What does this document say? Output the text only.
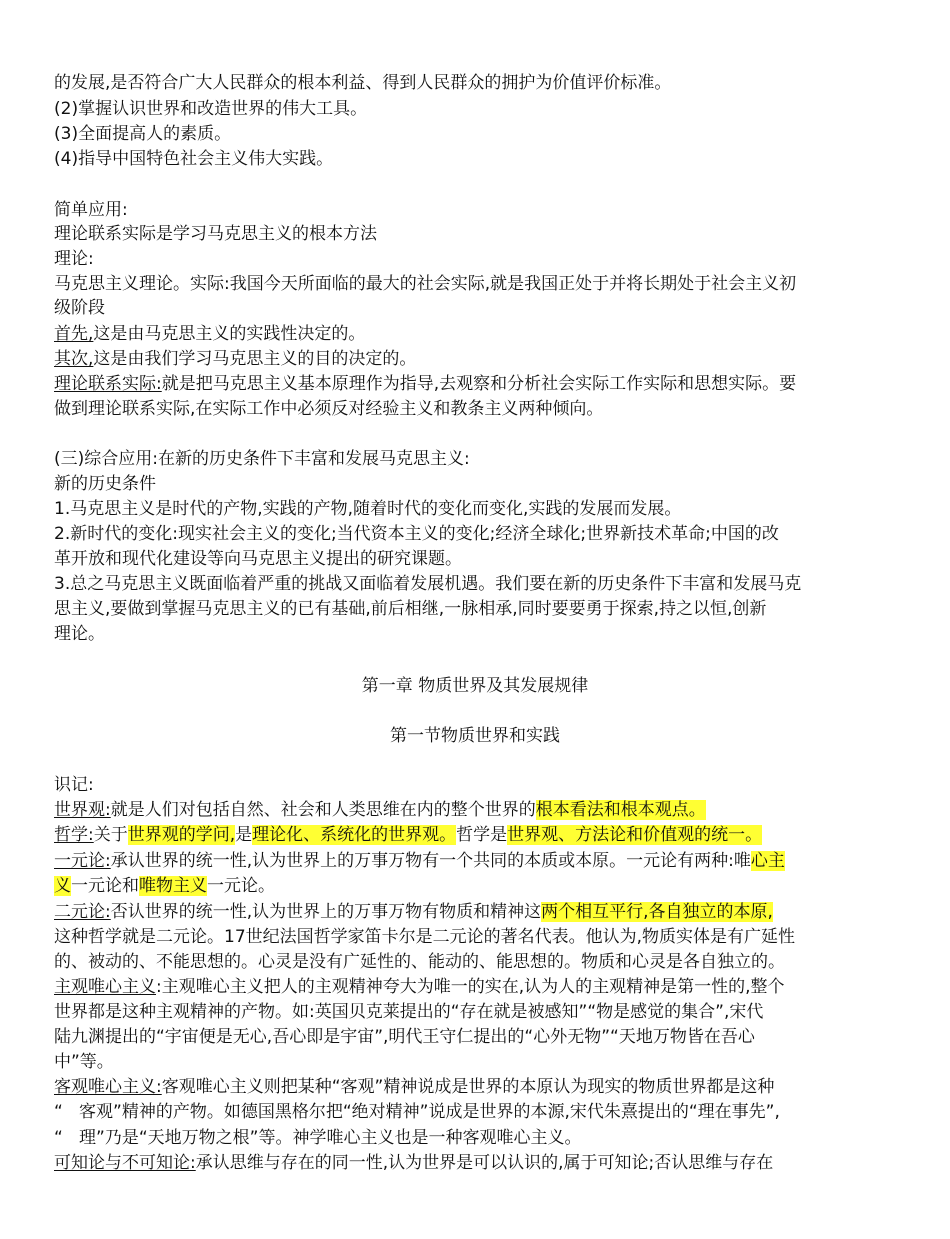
的发展,是否符合广大人民群众的根本利益、得到人民群众的拥护为价值评价标准。
(2)掌握认识世界和改造世界的伟大工具。
(3)全面提高人的素质。
(4)指导中国特色社会主义伟大实践。
简单应用:
理论联系实际是学习马克思主义的根本方法
理论:
马克思主义理论。实际:我国今天所面临的最大的社会实际,就是我国正处于并将长期处于社会主义初
级阶段
首先,这是由马克思主义的实践性决定的。
其次,这是由我们学习马克思主义的目的决定的。
理论联系实际:就是把马克思主义基本原理作为指导,去观察和分析社会实际工作实际和思想实际。要
做到理论联系实际,在实际工作中必须反对经验主义和教条主义两种倾向。
(三)综合应用:在新的历史条件下丰富和发展马克思主义:
新的历史条件
1.马克思主义是时代的产物,实践的产物,随着时代的变化而变化,实践的发展而发展。
2.新时代的变化:现实社会主义的变化;当代资本主义的变化;经济全球化;世界新技术革命;中国的改
革开放和现代化建设等向马克思主义提出的研究课题。
3.总之马克思主义既面临着严重的挑战又面临着发展机遇。我们要在新的历史条件下丰富和发展马克
思主义,要做到掌握马克思主义的已有基础,前后相继,一脉相承,同时要要勇于探索,持之以恒,创新
理论。
第一章 物质世界及其发展规律
第一节物质世界和实践
识记:
世界观:就是人们对包括自然、社会和人类思维在内的整个世界的根本看法和根本观点。
哲学:关于世界观的学问,是理论化、系统化的世界观。哲学是世界观、方法论和价值观的统一。
一元论:承认世界的统一性,认为世界上的万事万物有一个共同的本质或本原。一元论有两种:唯心主
义一元论和唯物主义一元论。
二元论:否认世界的统一性,认为世界上的万事万物有物质和精神这两个相互平行,各自独立的本原,
这种哲学就是二元论。17世纪法国哲学家笛卡尔是二元论的著名代表。他认为,物质实体是有广延性
的、被动的、不能思想的。心灵是没有广延性的、能动的、能思想的。物质和心灵是各自独立的。
主观唯心主义:主观唯心主义把人的主观精神夸大为唯一的实在,认为人的主观精神是第一性的,整个
世界都是这种主观精神的产物。如:英国贝克莱提出的“存在就是被感知”“物是感觉的集合”,宋代
陆九渊提出的“宇宙便是无心,吾心即是宇宙”,明代王守仁提出的“心外无物”“天地万物皆在吾心
中”等。
客观唯心主义:客观唯心主义则把某种“客观”精神说成是世界的本原认为现实的物质世界都是这种
“   客观”精神的产物。如德国黑格尔把“绝对精神”说成是世界的本源,宋代朱熹提出的“理在事先”,
“   理”乃是“天地万物之根”等。神学唯心主义也是一种客观唯心主义。
可知论与不可知论:承认思维与存在的同一性,认为世界是可以认识的,属于可知论;否认思维与存在
